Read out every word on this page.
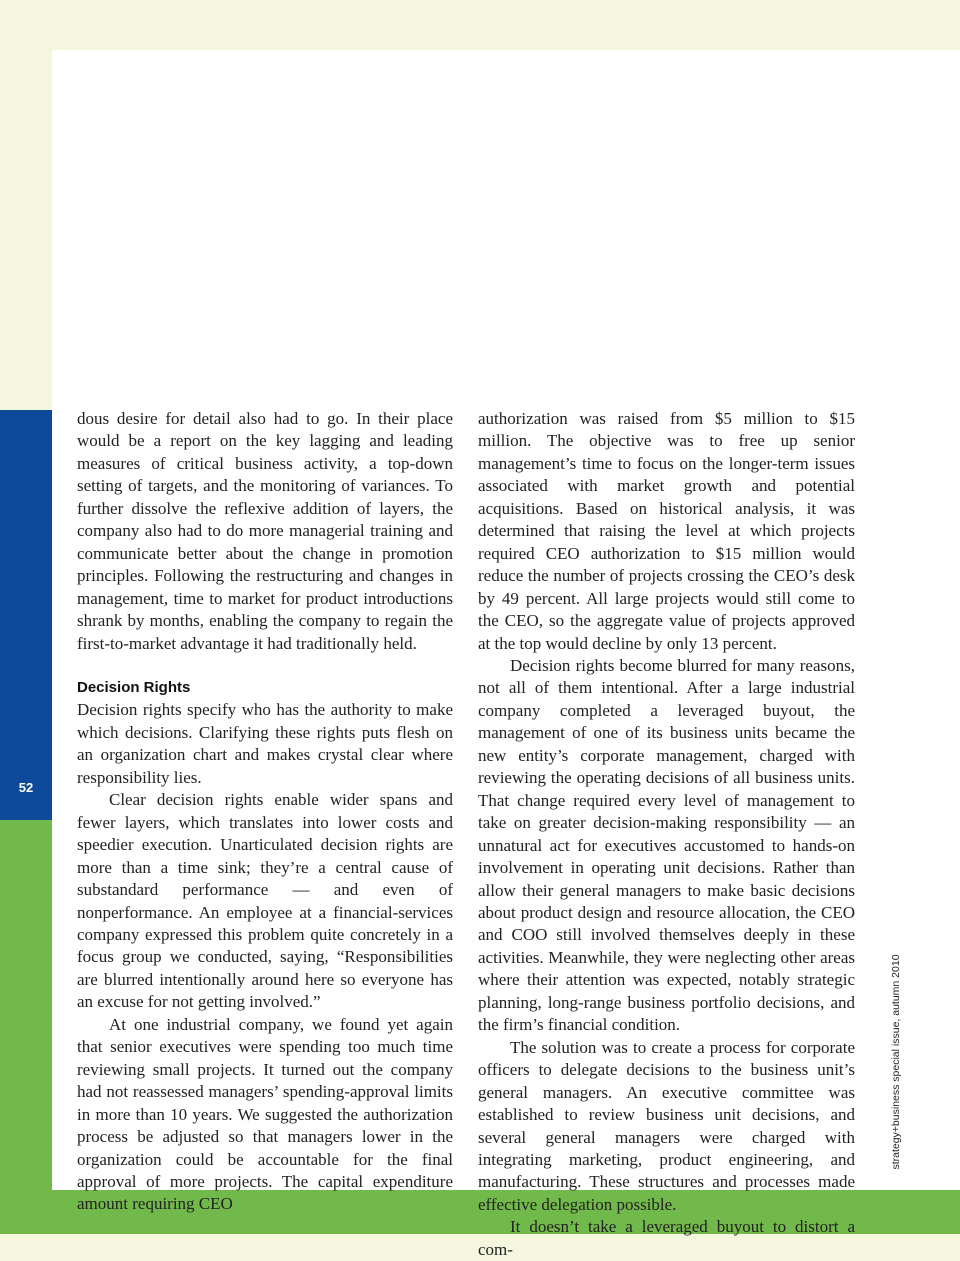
52

dous desire for detail also had to go. In their place would be a report on the key lagging and leading measures of critical business activity, a top-down setting of targets, and the monitoring of variances. To further dissolve the reflexive addition of layers, the company also had to do more managerial training and communicate better about the change in promotion principles. Following the restructuring and changes in management, time to market for product introductions shrank by months, enabling the company to regain the first-to-market advantage it had traditionally held.

Decision Rights

Decision rights specify who has the authority to make which decisions. Clarifying these rights puts flesh on an organization chart and makes crystal clear where responsibility lies.

Clear decision rights enable wider spans and fewer layers, which translates into lower costs and speedier execution. Unarticulated decision rights are more than a time sink; they’re a central cause of substandard performance — and even of nonperformance. An employee at a financial-services company expressed this problem quite concretely in a focus group we conducted, saying, “Responsibilities are blurred intentionally around here so everyone has an excuse for not getting involved.”

At one industrial company, we found yet again that senior executives were spending too much time reviewing small projects. It turned out the company had not reassessed managers’ spending-approval limits in more than 10 years. We suggested the authorization process be adjusted so that managers lower in the organization could be accountable for the final approval of more projects. The capital expenditure amount requiring CEO

authorization was raised from $5 million to $15 million. The objective was to free up senior management’s time to focus on the longer-term issues associated with market growth and potential acquisitions. Based on historical analysis, it was determined that raising the level at which projects required CEO authorization to $15 million would reduce the number of projects crossing the CEO’s desk by 49 percent. All large projects would still come to the CEO, so the aggregate value of projects approved at the top would decline by only 13 percent.

Decision rights become blurred for many reasons, not all of them intentional. After a large industrial company completed a leveraged buyout, the management of one of its business units became the new entity’s corporate management, charged with reviewing the operating decisions of all business units. That change required every level of management to take on greater decision-making responsibility — an unnatural act for executives accustomed to hands-on involvement in operating unit decisions. Rather than allow their general managers to make basic decisions about product design and resource allocation, the CEO and COO still involved themselves deeply in these activities. Meanwhile, they were neglecting other areas where their attention was expected, notably strategic planning, long-range business portfolio decisions, and the firm’s financial condition.

The solution was to create a process for corporate officers to delegate decisions to the business unit’s general managers. An executive committee was established to review business unit decisions, and several general managers were charged with integrating marketing, product engineering, and manufacturing. These structures and processes made effective delegation possible.

It doesn’t take a leveraged buyout to distort a com-

strategy+business special issue, autumn 2010
